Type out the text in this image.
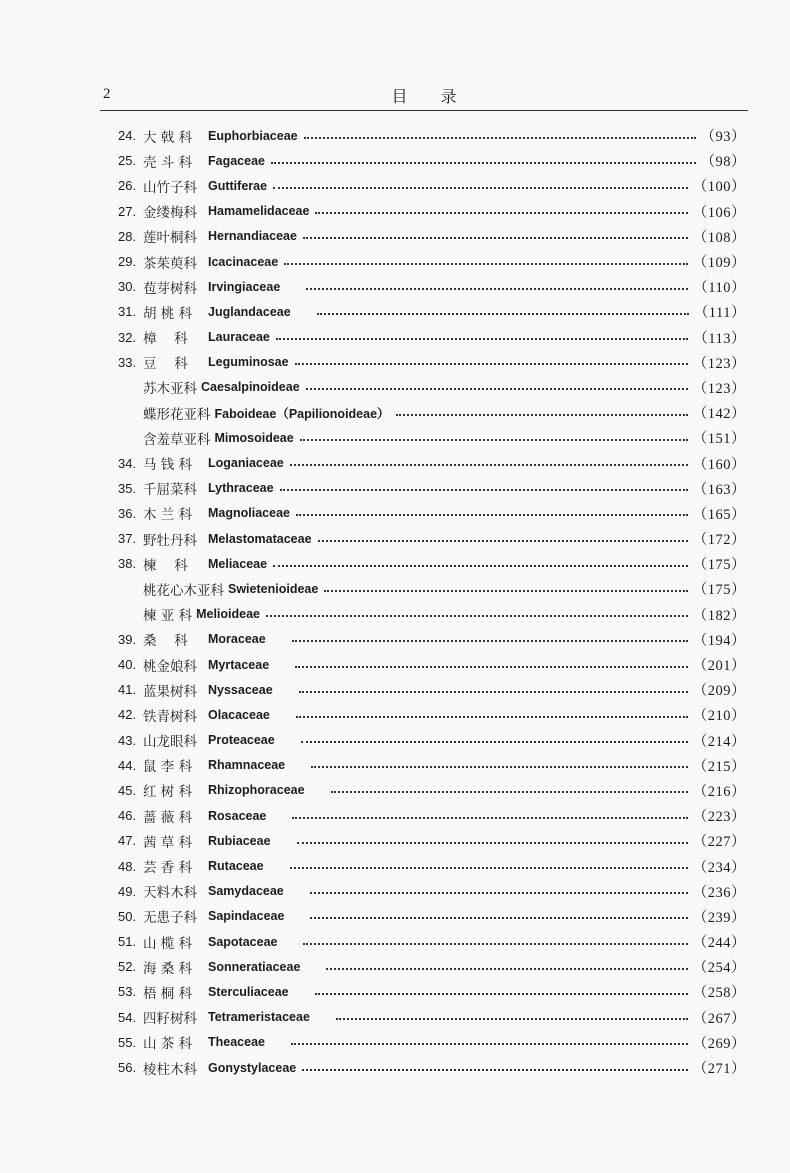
2	目 录
24. 大 戟 科	Euphorbiaceae	（93）
25. 壳 斗 科	Fagaceae	（98）
26. 山竹子科 Guttiferae	（100）
27. 金缕梅科 Hamamelidaceae	（106）
28. 莲叶桐科 Hernandiaceae	（108）
29. 茶茱萸科 Icacinaceae	（109）
30. 苞芽树科 Irvingiaceae	（110）
31. 胡 桃 科	Juglandaceae	（111）
32. 樟　 科	Lauraceae	（113）
33. 豆　 科	Leguminosae	（123）
苏木亚科 Caesalpinoideae	（123）
蝶形花亚科 Faboideae（Papilionoideae）	（142）
含羞草亚科 Mimosoideae	（151）
34. 马 钱 科	Loganiaceae	（160）
35. 千屈菜科 Lythraceae	（163）
36. 木 兰 科	Magnoliaceae	（165）
37. 野牡丹科 Melastomataceae	（172）
38. 楝　 科	Meliaceae	（175）
桃花心木亚科 Swietenioideae	（175）
楝 亚 科 Melioideae	（182）
39. 桑　 科	Moraceae	（194）
40. 桃金娘科 Myrtaceae	（201）
41. 蓝果树科 Nyssaceae	（209）
42. 铁青树科 Olacaceae	（210）
43. 山龙眼科 Proteaceae	（214）
44. 鼠 李 科	Rhamnaceae	（215）
45. 红 树 科	Rhizophoraceae	（216）
46. 蔷 薇 科	Rosaceae	（223）
47. 茜 草 科	Rubiaceae	（227）
48. 芸 香 科	Rutaceae	（234）
49. 天料木科 Samydaceae	（236）
50. 无患子科 Sapindaceae	（239）
51. 山 榄 科	Sapotaceae	（244）
52. 海 桑 科	Sonneratiaceae	（254）
53. 梧 桐 科	Sterculiaceae	（258）
54. 四籽树科 Tetrameristaceae	（267）
55. 山 茶 科	Theaceae	（269）
56. 棱柱木科 Gonystylaceae	（271）
